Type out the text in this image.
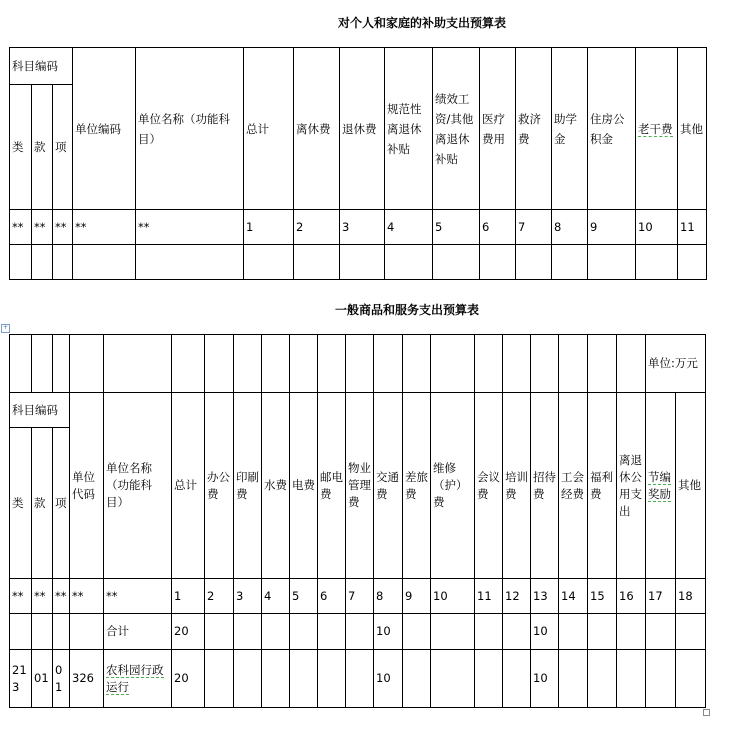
对个人和家庭的补助支出预算表
科目编码			单位编码	单位名称（功能科目）	总计	离休费	退休费	规范性离退休补贴	绩效工资/其他离退休补贴	医疗费用	救济费	助学金	住房公积金	老干费	其他
类	款	项													
**	**	**	**	**	1	2	3	4	5	6	7	8	9	10	11

一般商品和服务支出预算表
+
																					单位:万元	
科目编码			单位代码	单位名称（功能科目）	总计	办公费	印刷费	水费	电费	邮电费	物业管理费	交通费	差旅费	维修（护）费	会议费	培训费	招待费	工会经费	福利费	离退休公用支出	节编奖励	其他
类	款	项																				
**	**	**	**	**	1	2	3	4	5	6	7	8	9	10	11	12	13	14	15	16	17	18
				合计	20							10					10					
213	01	01	326	农科园行政运行	20							10					10					
